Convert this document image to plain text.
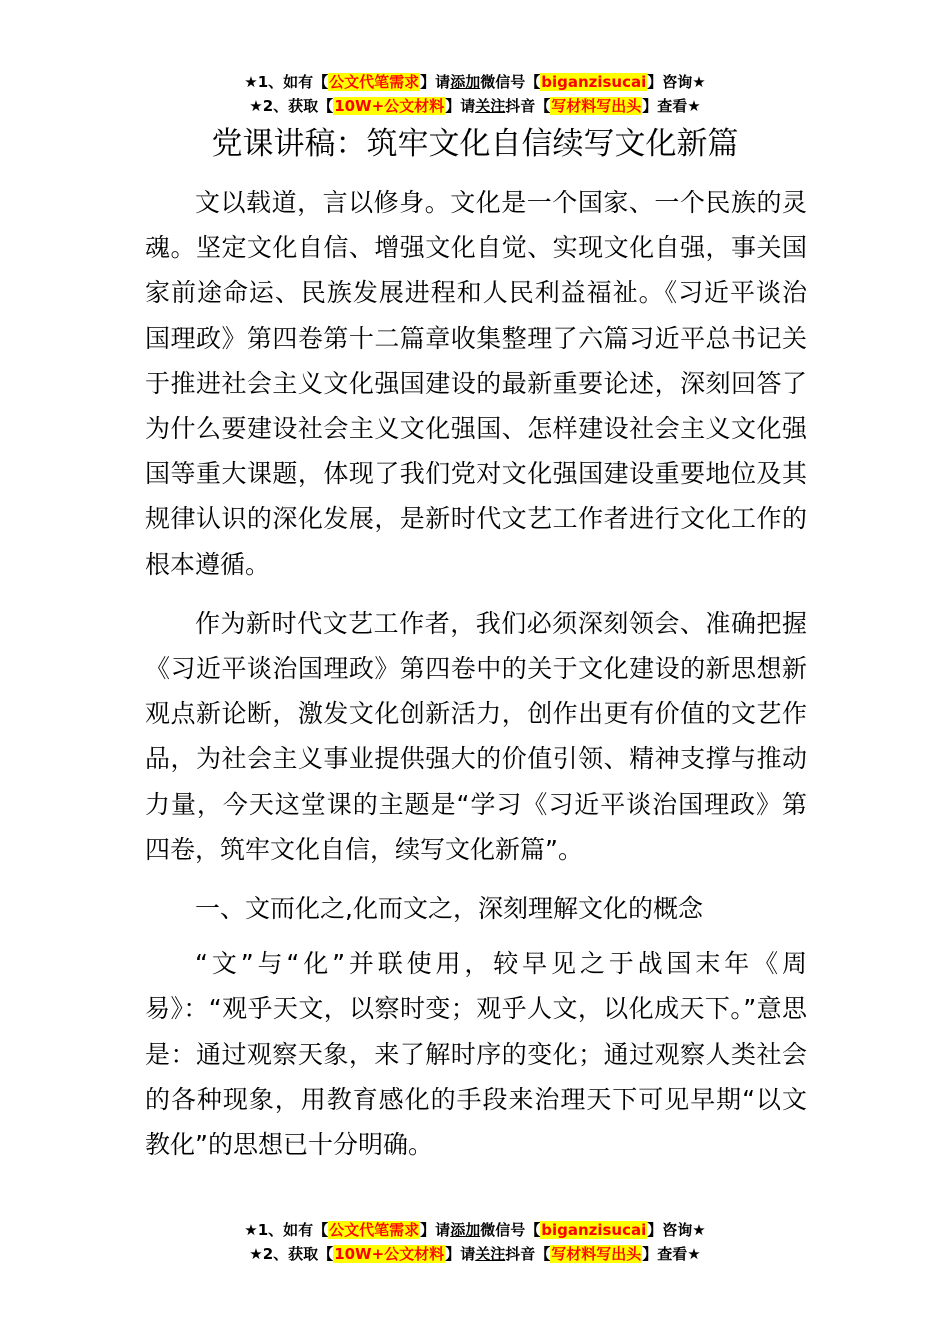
★1、如有【公文代笔需求】请添加微信号【biganzisucai】咨询★
★2、获取【10W+公文材料】请关注抖音【写材料写出头】查看★
党课讲稿：筑牢文化自信续写文化新篇

文以载道，言以修身。文化是一个国家、一个民族的灵魂。坚定文化自信、增强文化自觉、实现文化自强，事关国家前途命运、民族发展进程和人民利益福祉。《习近平谈治国理政》第四卷第十二篇章收集整理了六篇习近平总书记关于推进社会主义文化强国建设的最新重要论述，深刻回答了为什么要建设社会主义文化强国、怎样建设社会主义文化强国等重大课题，体现了我们党对文化强国建设重要地位及其规律认识的深化发展，是新时代文艺工作者进行文化工作的根本遵循。

作为新时代文艺工作者，我们必须深刻领会、准确把握《习近平谈治国理政》第四卷中的关于文化建设的新思想新观点新论断，激发文化创新活力，创作出更有价值的文艺作品，为社会主义事业提供强大的价值引领、精神支撑与推动力量，今天这堂课的主题是“学习《习近平谈治国理政》第四卷，筑牢文化自信，续写文化新篇”。

一、文而化之,化而文之，深刻理解文化的概念

“文”与“化”并联使用，较早见之于战国末年《周易》：“观乎天文，以察时变；观乎人文，以化成天下。”意思是：通过观察天象，来了解时序的变化；通过观察人类社会的各种现象，用教育感化的手段来治理天下可见早期“以文教化”的思想已十分明确。

★1、如有【公文代笔需求】请添加微信号【biganzisucai】咨询★
★2、获取【10W+公文材料】请关注抖音【写材料写出头】查看★
